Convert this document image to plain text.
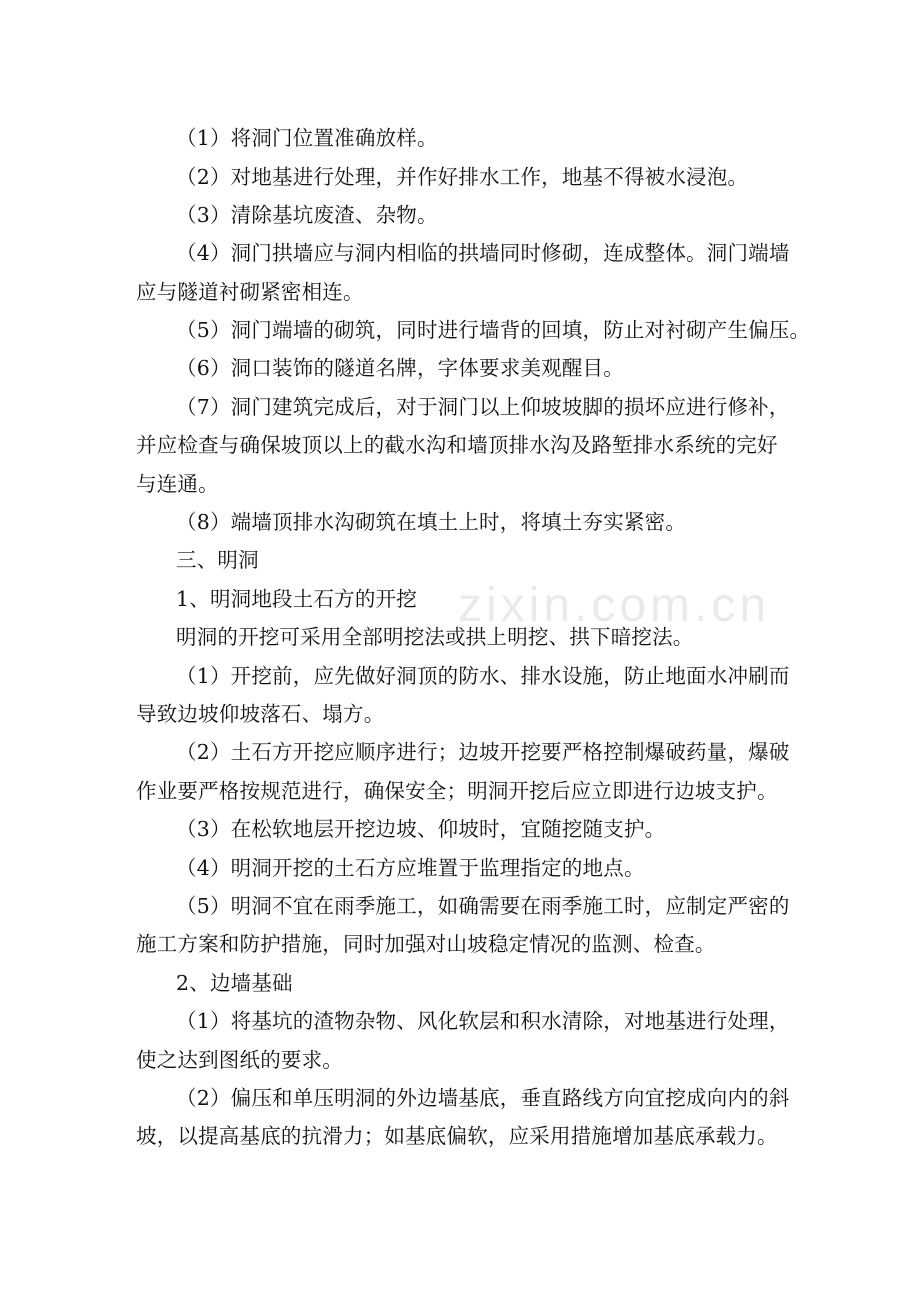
zixin.com.cn
（1）将洞门位置准确放样。
（2）对地基进行处理，并作好排水工作，地基不得被水浸泡。
（3）清除基坑废渣、杂物。
（4）洞门拱墙应与洞内相临的拱墙同时修砌，连成整体。洞门端墙
应与隧道衬砌紧密相连。
（5）洞门端墙的砌筑，同时进行墙背的回填，防止对衬砌产生偏压。
（6）洞口装饰的隧道名牌，字体要求美观醒目。
（7）洞门建筑完成后，对于洞门以上仰坡坡脚的损坏应进行修补，
并应检查与确保坡顶以上的截水沟和墙顶排水沟及路堑排水系统的完好
与连通。
（8）端墙顶排水沟砌筑在填土上时，将填土夯实紧密。
三、明洞
1、明洞地段土石方的开挖
明洞的开挖可采用全部明挖法或拱上明挖、拱下暗挖法。
（1）开挖前，应先做好洞顶的防水、排水设施，防止地面水冲刷而
导致边坡仰坡落石、塌方。
（2）土石方开挖应顺序进行；边坡开挖要严格控制爆破药量，爆破
作业要严格按规范进行，确保安全；明洞开挖后应立即进行边坡支护。
（3）在松软地层开挖边坡、仰坡时，宜随挖随支护。
（4）明洞开挖的土石方应堆置于监理指定的地点。
（5）明洞不宜在雨季施工，如确需要在雨季施工时，应制定严密的
施工方案和防护措施，同时加强对山坡稳定情况的监测、检查。
2、边墙基础
（1）将基坑的渣物杂物、风化软层和积水清除，对地基进行处理，
使之达到图纸的要求。
（2）偏压和单压明洞的外边墙基底，垂直路线方向宜挖成向内的斜
坡，以提高基底的抗滑力；如基底偏软，应采用措施增加基底承载力。
